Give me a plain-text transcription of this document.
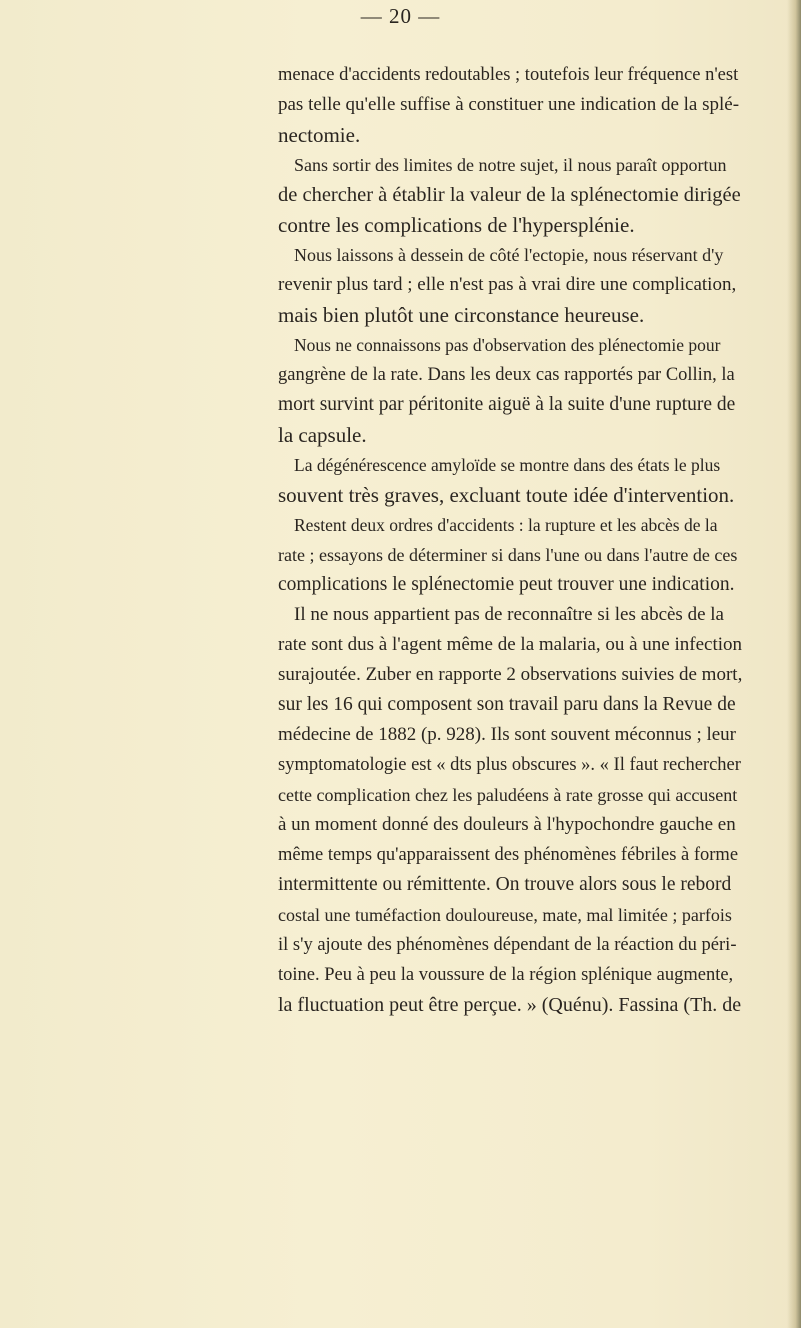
— 20 —
menace d'accidents redoutables ; toutefois leur fréquence n'est
pas telle qu'elle suffise à constituer une indication de la splé-
nectomie.
Sans sortir des limites de notre sujet, il nous paraît opportun
de chercher à établir la valeur de la splénectomie dirigée
contre les complications de l'hypersplénie.
Nous laissons à dessein de côté l'ectopie, nous réservant d'y
revenir plus tard ; elle n'est pas à vrai dire une complication,
mais bien plutôt une circonstance heureuse.
Nous ne connaissons pas d'observation des plénectomie pour
gangrène de la rate. Dans les deux cas rapportés par Collin, la
mort survint par péritonite aiguë à la suite d'une rupture de
la capsule.
La dégénérescence amyloïde se montre dans des états le plus
souvent très graves, excluant toute idée d'intervention.
Restent deux ordres d'accidents : la rupture et les abcès de la
rate ; essayons de déterminer si dans l'une ou dans l'autre de ces
complications le splénectomie peut trouver une indication.
Il ne nous appartient pas de reconnaître si les abcès de la
rate sont dus à l'agent même de la malaria, ou à une infection
surajoutée. Zuber en rapporte 2 observations suivies de mort,
sur les 16 qui composent son travail paru dans la Revue de
médecine de 1882 (p. 928). Ils sont souvent méconnus ; leur
symptomatologie est « dts plus obscures ». « Il faut rechercher
cette complication chez les paludéens à rate grosse qui accusent
à un moment donné des douleurs à l'hypochondre gauche en
même temps qu'apparaissent des phénomènes fébriles à forme
intermittente ou rémittente. On trouve alors sous le rebord
costal une tuméfaction douloureuse, mate, mal limitée ; parfois
il s'y ajoute des phénomènes dépendant de la réaction du péri-
toine. Peu à peu la voussure de la région splénique augmente,
la fluctuation peut être perçue. » (Quénu). Fassina (Th. de
